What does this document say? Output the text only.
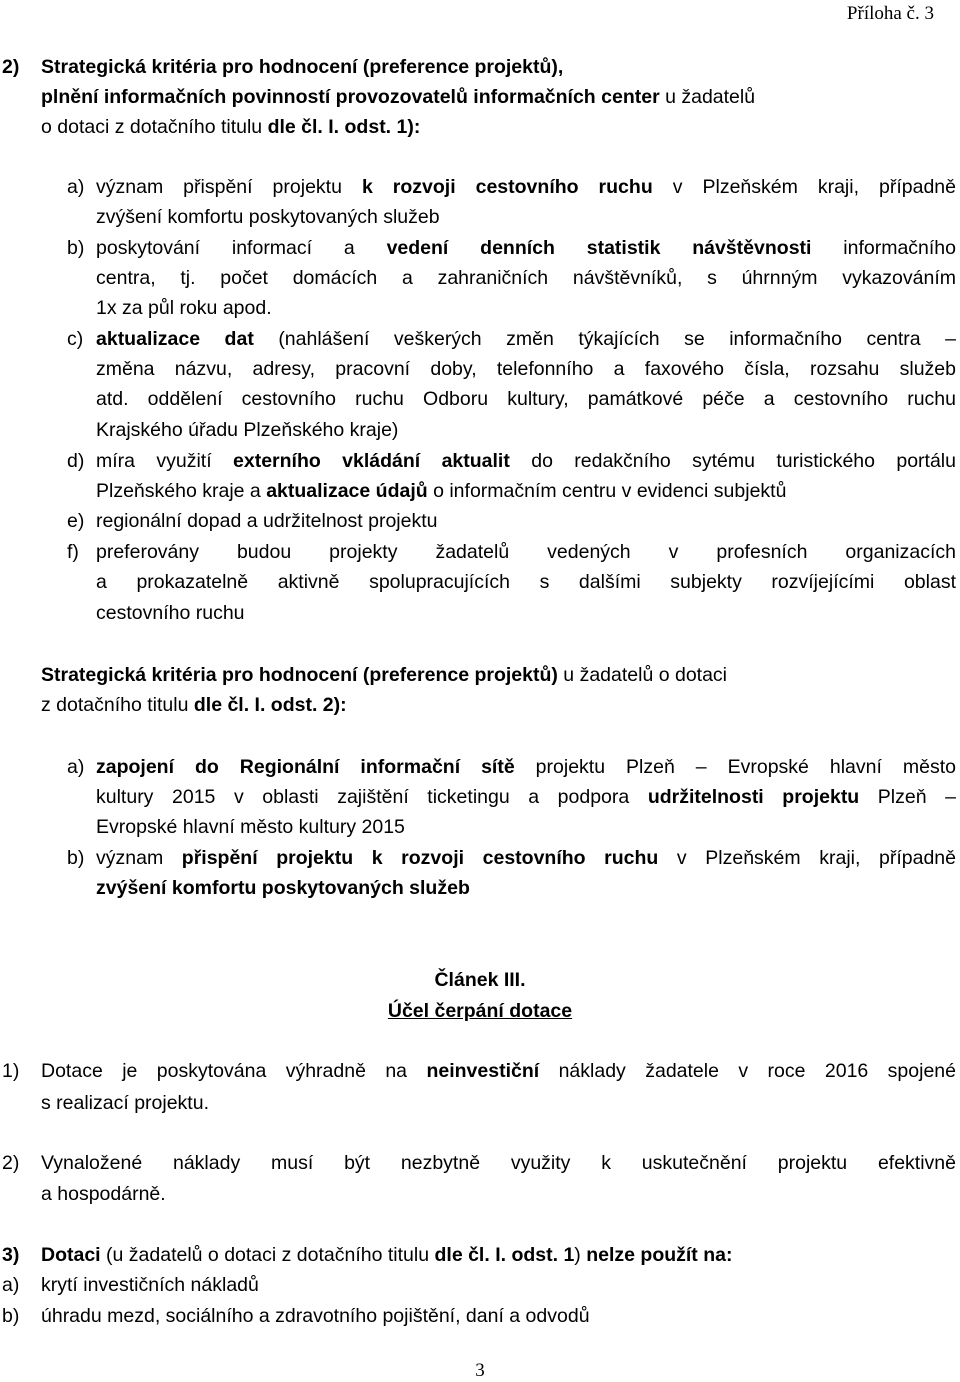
Příloha č. 3
2) Strategická kritéria pro hodnocení (preference projektů),
plnění informačních povinností provozovatelů informačních center u žadatelů
o dotaci z dotačního titulu dle čl. I. odst. 1):
a) význam přispění projektu k rozvoji cestovního ruchu v Plzeňském kraji, případně
zvýšení komfortu poskytovaných služeb
b) poskytování informací a vedení denních statistik návštěvnosti informačního
centra, tj. počet domácích a zahraničních návštěvníků, s úhrnným vykazováním
1x za půl roku apod.
c) aktualizace dat (nahlášení veškerých změn týkajících se informačního centra –
změna názvu, adresy, pracovní doby, telefonního a faxového čísla, rozsahu služeb
atd. oddělení cestovního ruchu Odboru kultury, památkové péče a cestovního ruchu
Krajského úřadu Plzeňského kraje)
d) míra využití externího vkládání aktualit do redakčního sytému turistického portálu
Plzeňského kraje a aktualizace údajů o informačním centru v evidenci subjektů
e) regionální dopad a udržitelnost projektu
f) preferovány budou projekty žadatelů vedených v profesních organizacích
a prokazatelně aktivně spolupracujících s dalšími subjekty rozvíjejícími oblast
cestovního ruchu
Strategická kritéria pro hodnocení (preference projektů) u žadatelů o dotaci
z dotačního titulu dle čl. I. odst. 2):
a) zapojení do Regionální informační sítě projektu Plzeň – Evropské hlavní město
kultury 2015 v oblasti zajištění ticketingu a podpora udržitelnosti projektu Plzeň –
Evropské hlavní město kultury 2015
b) význam přispění projektu k rozvoji cestovního ruchu v Plzeňském kraji, případně
zvýšení komfortu poskytovaných služeb
Článek III.
Účel čerpání dotace
1) Dotace je poskytována výhradně na neinvestiční náklady žadatele v roce 2016 spojené
s realizací projektu.
2) Vynaložené náklady musí být nezbytně využity k uskutečnění projektu efektivně
a hospodárně.
3) Dotaci (u žadatelů o dotaci z dotačního titulu dle čl. I. odst. 1) nelze použít na:
a) krytí investičních nákladů
b) úhradu mezd, sociálního a zdravotního pojištění, daní a odvodů
3
